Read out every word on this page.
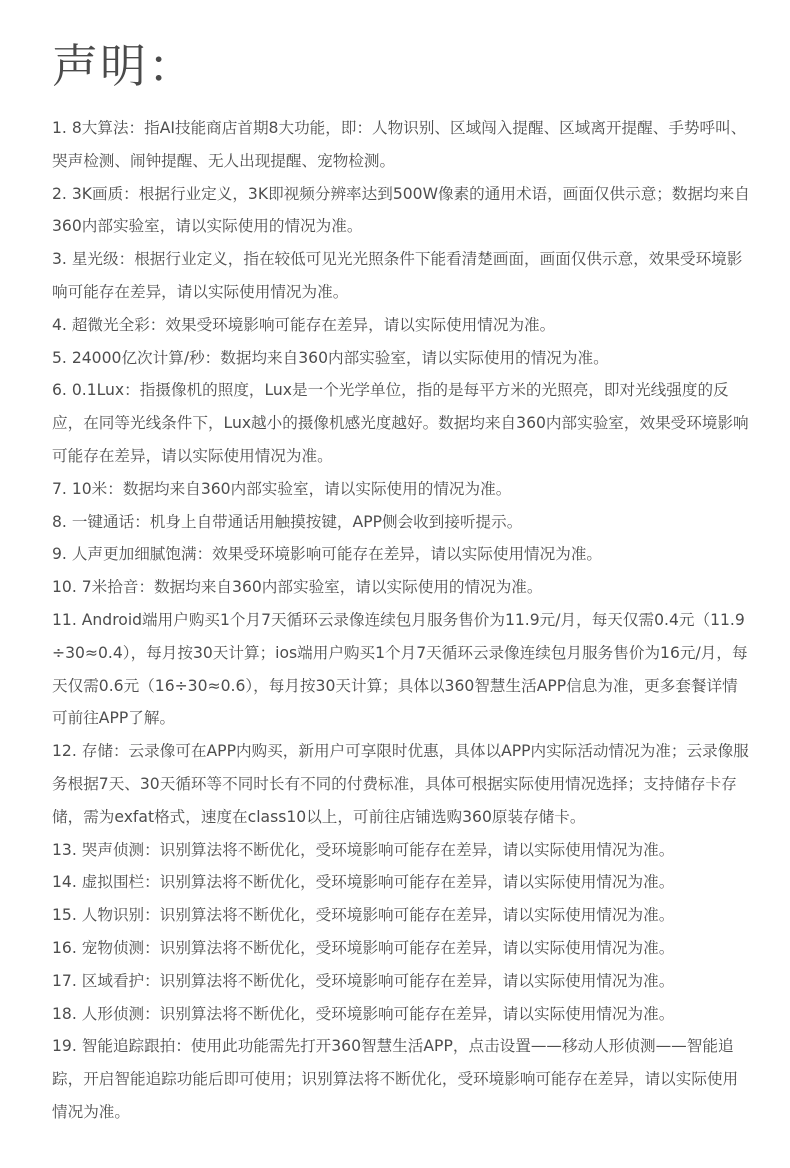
声明：
1. 8大算法：指AI技能商店首期8大功能，即：人物识别、区域闯入提醒、区域离开提醒、手势呼叫、哭声检测、闹钟提醒、无人出现提醒、宠物检测。
2. 3K画质：根据行业定义，3K即视频分辨率达到500W像素的通用术语，画面仅供示意；数据均来自360内部实验室，请以实际使用的情况为准。
3. 星光级：根据行业定义，指在较低可见光光照条件下能看清楚画面，画面仅供示意，效果受环境影响可能存在差异，请以实际使用情况为准。
4. 超微光全彩：效果受环境影响可能存在差异，请以实际使用情况为准。
5. 24000亿次计算/秒：数据均来自360内部实验室，请以实际使用的情况为准。
6. 0.1Lux：指摄像机的照度，Lux是一个光学单位，指的是每平方米的光照亮，即对光线强度的反应，在同等光线条件下，Lux越小的摄像机感光度越好。数据均来自360内部实验室，效果受环境影响可能存在差异，请以实际使用情况为准。
7. 10米：数据均来自360内部实验室，请以实际使用的情况为准。
8. 一键通话：机身上自带通话用触摸按键，APP侧会收到接听提示。
9. 人声更加细腻饱满：效果受环境影响可能存在差异，请以实际使用情况为准。
10. 7米拾音：数据均来自360内部实验室，请以实际使用的情况为准。
11. Android端用户购买1个月7天循环云录像连续包月服务售价为11.9元/月，每天仅需0.4元（11.9÷30≈0.4），每月按30天计算；ios端用户购买1个月7天循环云录像连续包月服务售价为16元/月，每天仅需0.6元（16÷30≈0.6），每月按30天计算；具体以360智慧生活APP信息为准，更多套餐详情可前往APP了解。
12. 存储：云录像可在APP内购买，新用户可享限时优惠，具体以APP内实际活动情况为准；云录像服务根据7天、30天循环等不同时长有不同的付费标准，具体可根据实际使用情况选择；支持储存卡存储，需为exfat格式，速度在class10以上，可前往店铺选购360原装存储卡。
13. 哭声侦测：识别算法将不断优化，受环境影响可能存在差异，请以实际使用情况为准。
14. 虚拟围栏：识别算法将不断优化，受环境影响可能存在差异，请以实际使用情况为准。
15. 人物识别：识别算法将不断优化，受环境影响可能存在差异，请以实际使用情况为准。
16. 宠物侦测：识别算法将不断优化，受环境影响可能存在差异，请以实际使用情况为准。
17. 区域看护：识别算法将不断优化，受环境影响可能存在差异，请以实际使用情况为准。
18. 人形侦测：识别算法将不断优化，受环境影响可能存在差异，请以实际使用情况为准。
19. 智能追踪跟拍：使用此功能需先打开360智慧生活APP，点击设置——移动人形侦测——智能追踪，开启智能追踪功能后即可使用；识别算法将不断优化，受环境影响可能存在差异，请以实际使用情况为准。
